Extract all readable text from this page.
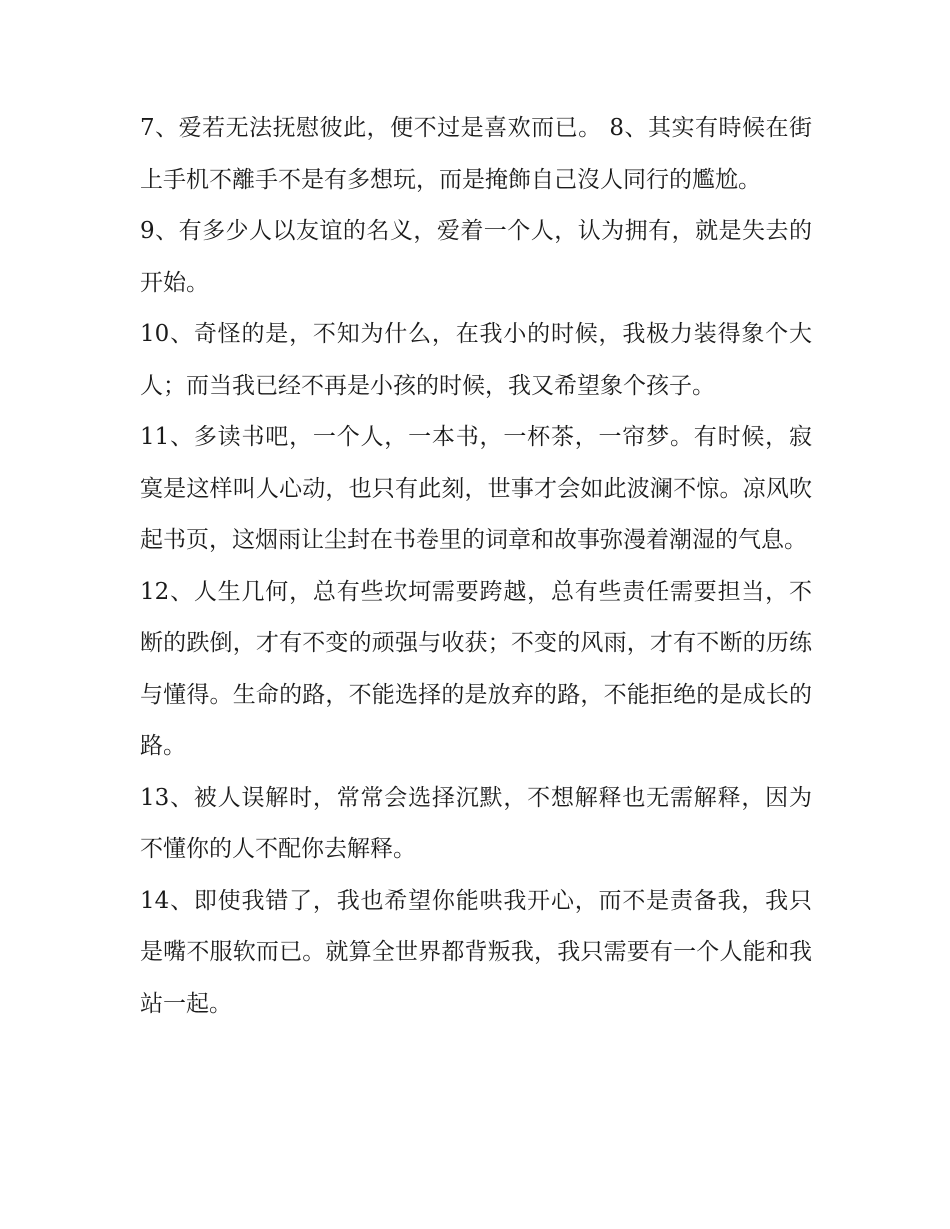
7、爱若无法抚慰彼此，便不过是喜欢而已。 8、其实有時候在街上手机不離手不是有多想玩，而是掩飾自己沒人同行的尷尬。

9、有多少人以友谊的名义，爱着一个人，认为拥有，就是失去的开始。

10、奇怪的是，不知为什么，在我小的时候，我极力装得象个大人；而当我已经不再是小孩的时候，我又希望象个孩子。

11、多读书吧，一个人，一本书，一杯茶，一帘梦。有时候，寂寞是这样叫人心动，也只有此刻，世事才会如此波澜不惊。凉风吹起书页，这烟雨让尘封在书卷里的词章和故事弥漫着潮湿的气息。

12、人生几何，总有些坎坷需要跨越，总有些责任需要担当，不断的跌倒，才有不变的顽强与收获；不变的风雨，才有不断的历练与懂得。生命的路，不能选择的是放弃的路，不能拒绝的是成长的路。

13、被人误解时，常常会选择沉默，不想解释也无需解释，因为不懂你的人不配你去解释。

14、即使我错了，我也希望你能哄我开心，而不是责备我，我只是嘴不服软而已。就算全世界都背叛我，我只需要有一个人能和我站一起。
